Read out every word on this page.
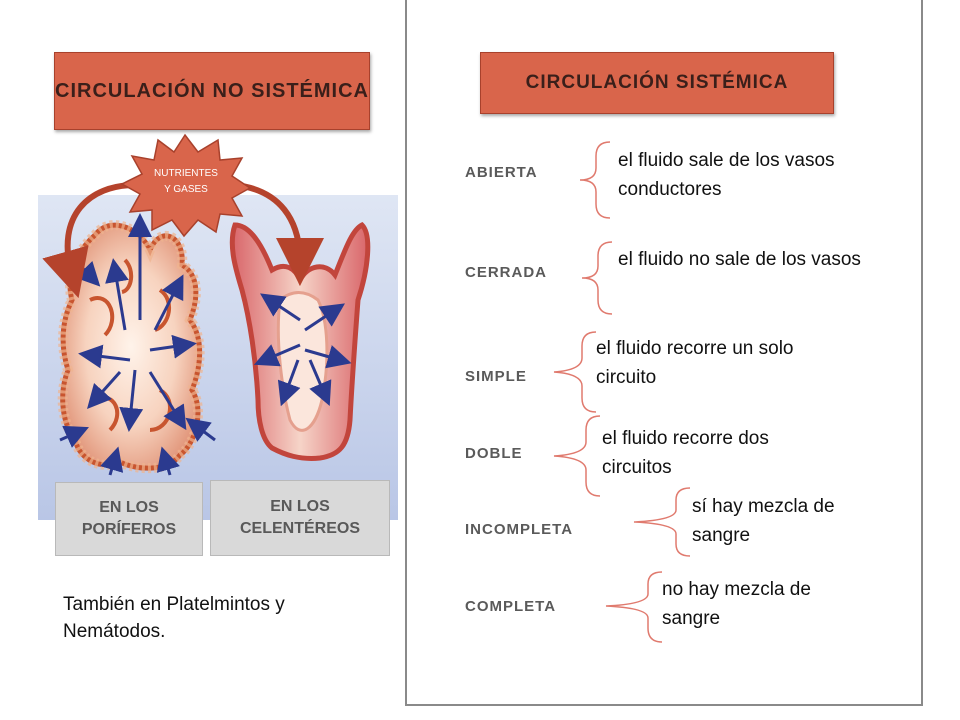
NUTRIENTES
Y GASES
CIRCULACIÓN NO SISTÉMICA
EN LOS PORÍFEROS
EN LOS CELENTÉREOS
También en Platelmintos y Nemátodos.
CIRCULACIÓN SISTÉMICA
ABIERTA
CERRADA
SIMPLE
DOBLE
INCOMPLETA
COMPLETA
el fluido sale de los vasos conductores
el fluido no sale de los vasos
el fluido recorre un solo circuito
el fluido recorre dos circuitos
sí hay mezcla de sangre
no hay mezcla de sangre
